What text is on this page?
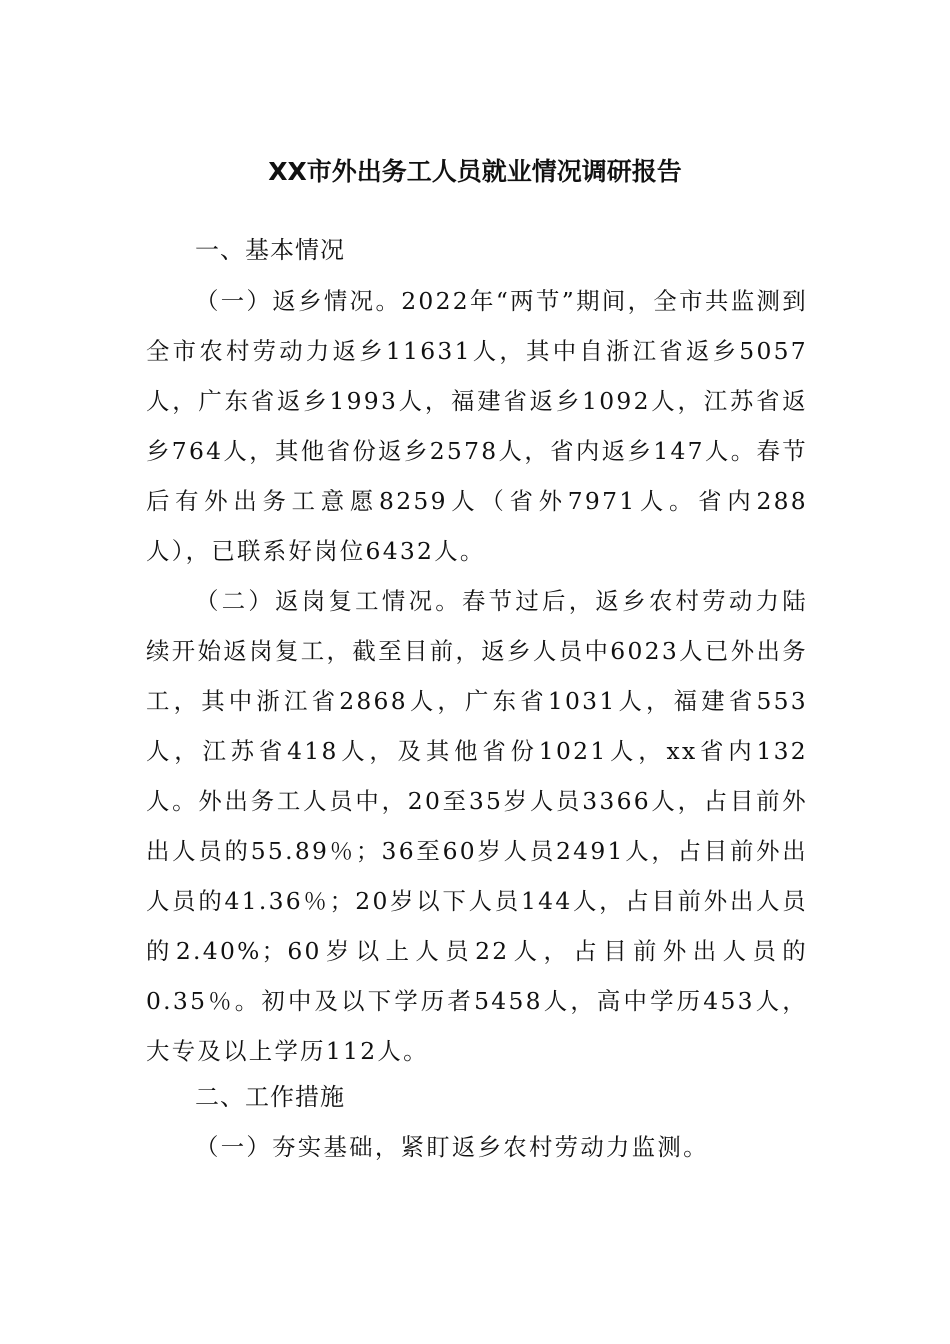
XX市外出务工人员就业情况调研报告
一、基本情况

（一）返乡情况。2022年“两节”期间，全市共监测到全市农村劳动力返乡11631人，其中自浙江省返乡5057人，广东省返乡1993人，福建省返乡1092人，江苏省返乡764人，其他省份返乡2578人，省内返乡147人。春节后有外出务工意愿8259人（省外7971人。省内288人），已联系好岗位6432人。

（二）返岗复工情况。春节过后，返乡农村劳动力陆续开始返岗复工，截至目前，返乡人员中6023人已外出务工，其中浙江省2868人，广东省1031人，福建省553人，江苏省418人，及其他省份1021人，xx省内132人。外出务工人员中，20至35岁人员3366人，占目前外出人员的55.89％；36至60岁人员2491人，占目前外出人员的41.36％；20岁以下人员144人，占目前外出人员的2.40%；60岁以上人员22人，占目前外出人员的0.35％。初中及以下学历者5458人，高中学历453人，大专及以上学历112人。

二、工作措施

（一）夯实基础，紧盯返乡农村劳动力监测。
